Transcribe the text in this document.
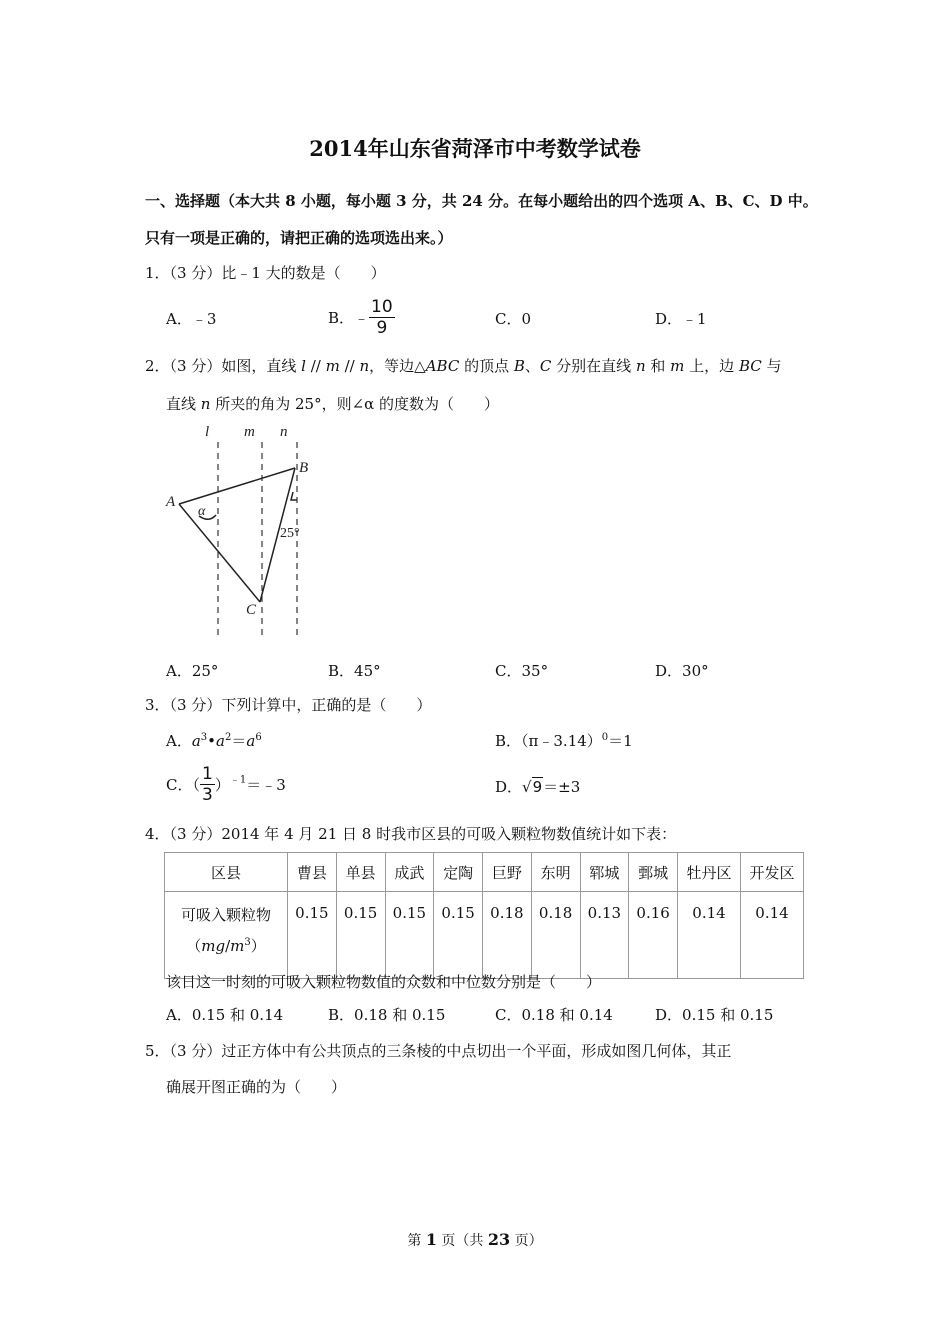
2014年山东省菏泽市中考数学试卷
一、选择题（本大共 8 小题，每小题 3 分，共 24 分。在每小题给出的四个选项 A、B、C、D 中。
只有一项是正确的，请把正确的选项选出来。）
1．（3 分）比﹣1 大的数是（　　）
A．﹣3	B．﹣ $\frac{10}{9}$	C．0	D．﹣1
2．（3 分）如图，直线 l // m // n，等边△ABC 的顶点 B、C 分别在直线 n 和 m 上，边 BC 与
直线 n 所夹的角为 25°，则∠α 的度数为（　　）
l m n
A
B
C
α
25°
A．25°	B．45°	C．35°	D．30°
3．（3 分）下列计算中，正确的是（　　）
A．$a^3•a^2=a^6$	B．（π﹣3.14）$^0$＝1
C．（ $\frac{1}{3}$ ）$^{﹣1}$＝﹣3	D．√9＝±3
4．（3 分）2014 年 4 月 21 日 8 时我市区县的可吸入颗粒物数值统计如下表：
区县	曹县	单县	成武	定陶	巨野	东明	郓城	鄄城	牡丹区	开发区

可吸入颗粒物
$(mg/m^3)$	0.15	0.15	0.15	0.15	0.18	0.18	0.13	0.16	0.14	0.14
该日这一时刻的可吸入颗粒物数值的众数和中位数分别是（　　）
A．0.15 和 0.14	B．0.18 和 0.15	C．0.18 和 0.14	D．0.15 和 0.15
5．（3 分）过正方体中有公共顶点的三条棱的中点切出一个平面，形成如图几何体，其正
确展开图正确的为（　　）
第 1 页（共 23 页）
